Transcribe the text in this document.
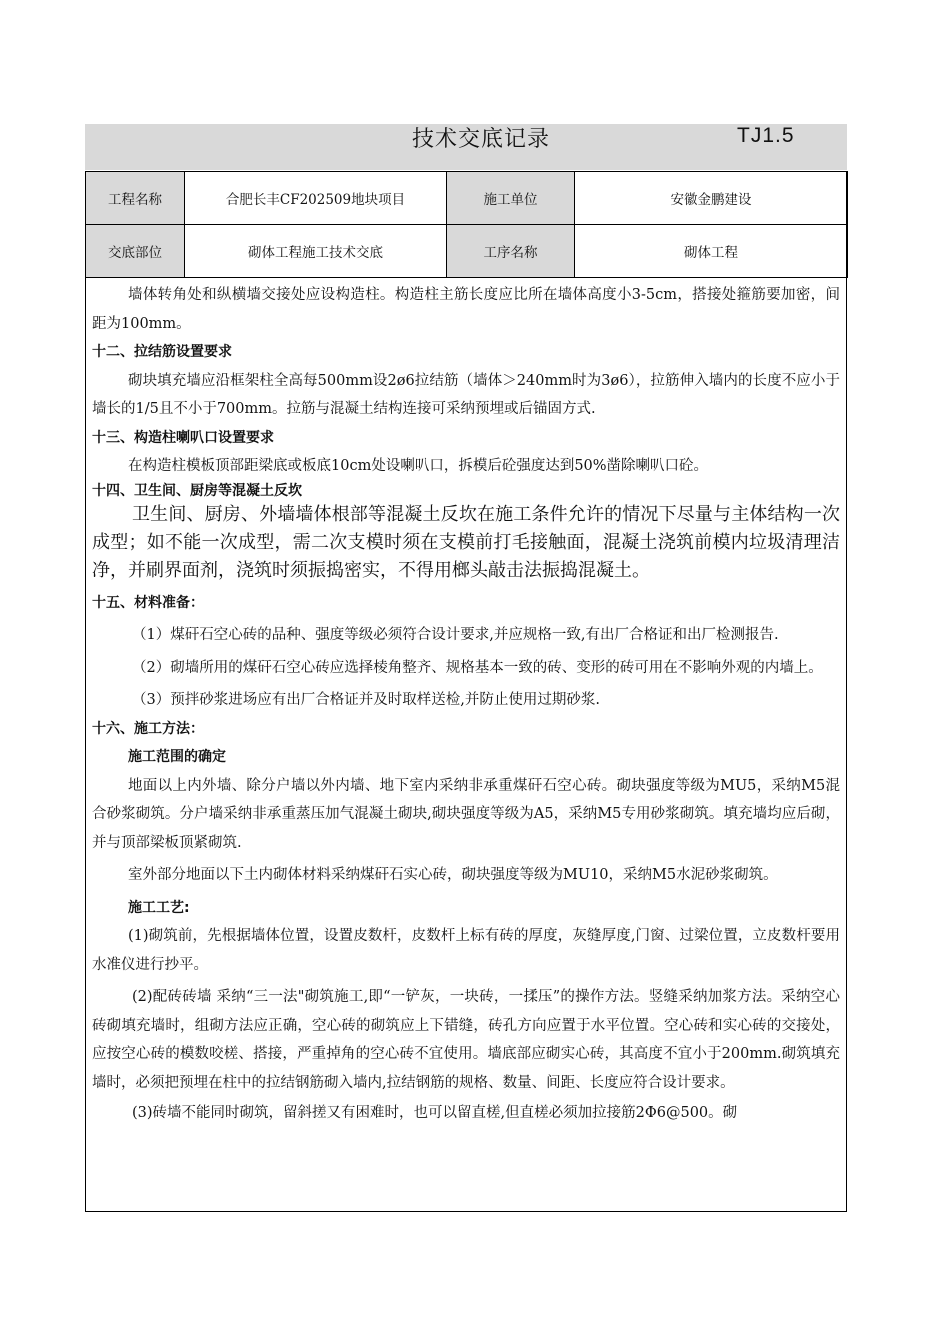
技术交底记录	TJ1.5
工程名称	合肥长丰CF202509地块项目	施工单位	安徽金鹏建设
交底部位	砌体工程施工技术交底	工序名称	砌体工程

墙体转角处和纵横墙交接处应设构造柱。构造柱主筋长度应比所在墙体高度小3-5cm，搭接处箍筋要加密，间距为100mm。

十二、拉结筋设置要求

砌块填充墙应沿框架柱全高每500mm设2ø6拉结筋（墙体＞240mm时为3ø6），拉筋伸入墙内的长度不应小于墙长的1/5且不小于700mm。拉筋与混凝土结构连接可采纳预埋或后锚固方式.

十三、构造柱喇叭口设置要求

在构造柱模板顶部距梁底或板底10cm处设喇叭口，拆模后砼强度达到50%凿除喇叭口砼。

十四、卫生间、厨房等混凝土反坎

卫生间、厨房、外墙墙体根部等混凝土反坎在施工条件允许的情况下尽量与主体结构一次成型；如不能一次成型，需二次支模时须在支模前打毛接触面，混凝土浇筑前模内垃圾清理洁净，并刷界面剂，浇筑时须振捣密实，不得用榔头敲击法振捣混凝土。

十五、材料准备：

（1）煤矸石空心砖的品种、强度等级必须符合设计要求,并应规格一致,有出厂合格证和出厂检测报告.

（2）砌墙所用的煤矸石空心砖应选择棱角整齐、规格基本一致的砖、变形的砖可用在不影响外观的内墙上。

（3）预拌砂浆进场应有出厂合格证并及时取样送检,并防止使用过期砂浆.

十六、施工方法：

施工范围的确定

地面以上内外墙、除分户墙以外内墙、地下室内采纳非承重煤矸石空心砖。砌块强度等级为MU5，采纳M5混合砂浆砌筑。分户墙采纳非承重蒸压加气混凝土砌块,砌块强度等级为A5，采纳M5专用砂浆砌筑。填充墙均应后砌，并与顶部梁板顶紧砌筑.

室外部分地面以下土内砌体材料采纳煤矸石实心砖，砌块强度等级为MU10，采纳M5水泥砂浆砌筑。

施工工艺:

(1)砌筑前，先根据墙体位置，设置皮数杆，皮数杆上标有砖的厚度，灰缝厚度,门窗、过梁位置，立皮数杆要用水准仪进行抄平。

(2)配砖砖墙 采纳“三一法"砌筑施工,即“一铲灰，一块砖，一揉压”的操作方法。竖缝采纳加浆方法。采纳空心砖砌填充墙时，组砌方法应正确，空心砖的砌筑应上下错缝，砖孔方向应置于水平位置。空心砖和实心砖的交接处，应按空心砖的模数咬槎、搭接，严重掉角的空心砖不宜使用。墙底部应砌实心砖，其高度不宜小于200mm.砌筑填充墙时，必须把预埋在柱中的拉结钢筋砌入墙内,拉结钢筋的规格、数量、间距、长度应符合设计要求。

(3)砖墙不能同时砌筑，留斜搓又有困难时，也可以留直槎,但直槎必须加拉接筋2Φ6@500。砌
